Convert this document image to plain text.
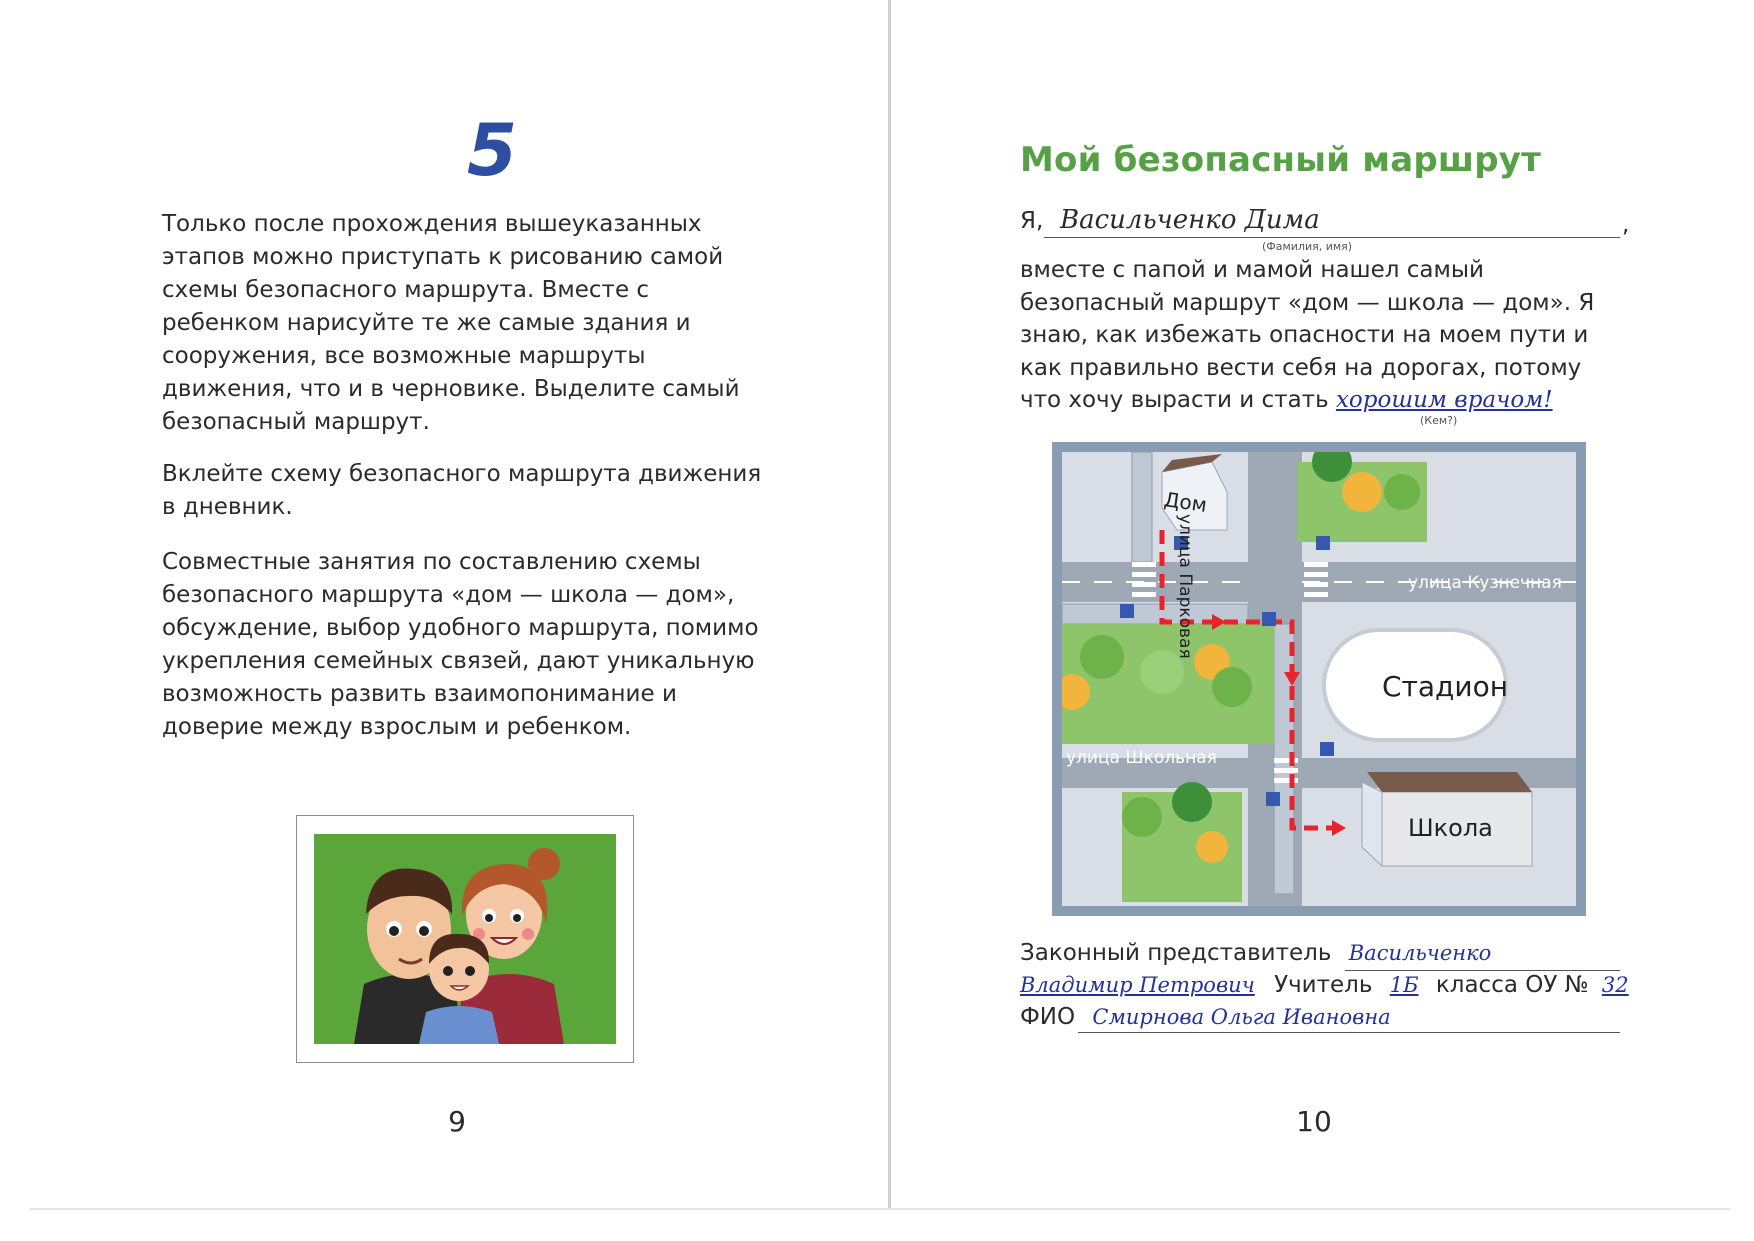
5

Только после прохождения вышеуказанных этапов можно приступать к рисованию самой схемы безопасного маршрута. Вместе с ребенком нарисуйте те же самые здания и сооружения, все возможные маршруты движения, что и в черновике. Выделите самый безопасный маршрут.

Вклейте схему безопасного маршрута движения в дневник.

Совместные занятия по составлению схемы безопасного маршрута «дом — школа — дом», обсуждение, выбор удобного маршрута, помимо укрепления семейных связей, дают уникальную возможность развить взаимопонимание и доверие между взрослым и ребенком.

9
Мой безопасный маршрут
Я, Васильченко Дима	,
(Фамилия, имя)
вместе с папой и мамой нашел самый
безопасный маршрут «дом — школа — дом». Я
знаю, как избежать опасности на моем пути и
как правильно вести себя на дорогах, потому
что хочу вырасти и стать хорошим врачом!
(Кем?)
Дом
улица Парковая	улица Кузнечная
улица Школьная
Стадион
Школа
Законный представитель Васильченко
Владимир Петрович Учитель 1Б класса ОУ № 32
ФИО Смирнова Ольга Ивановна
10
